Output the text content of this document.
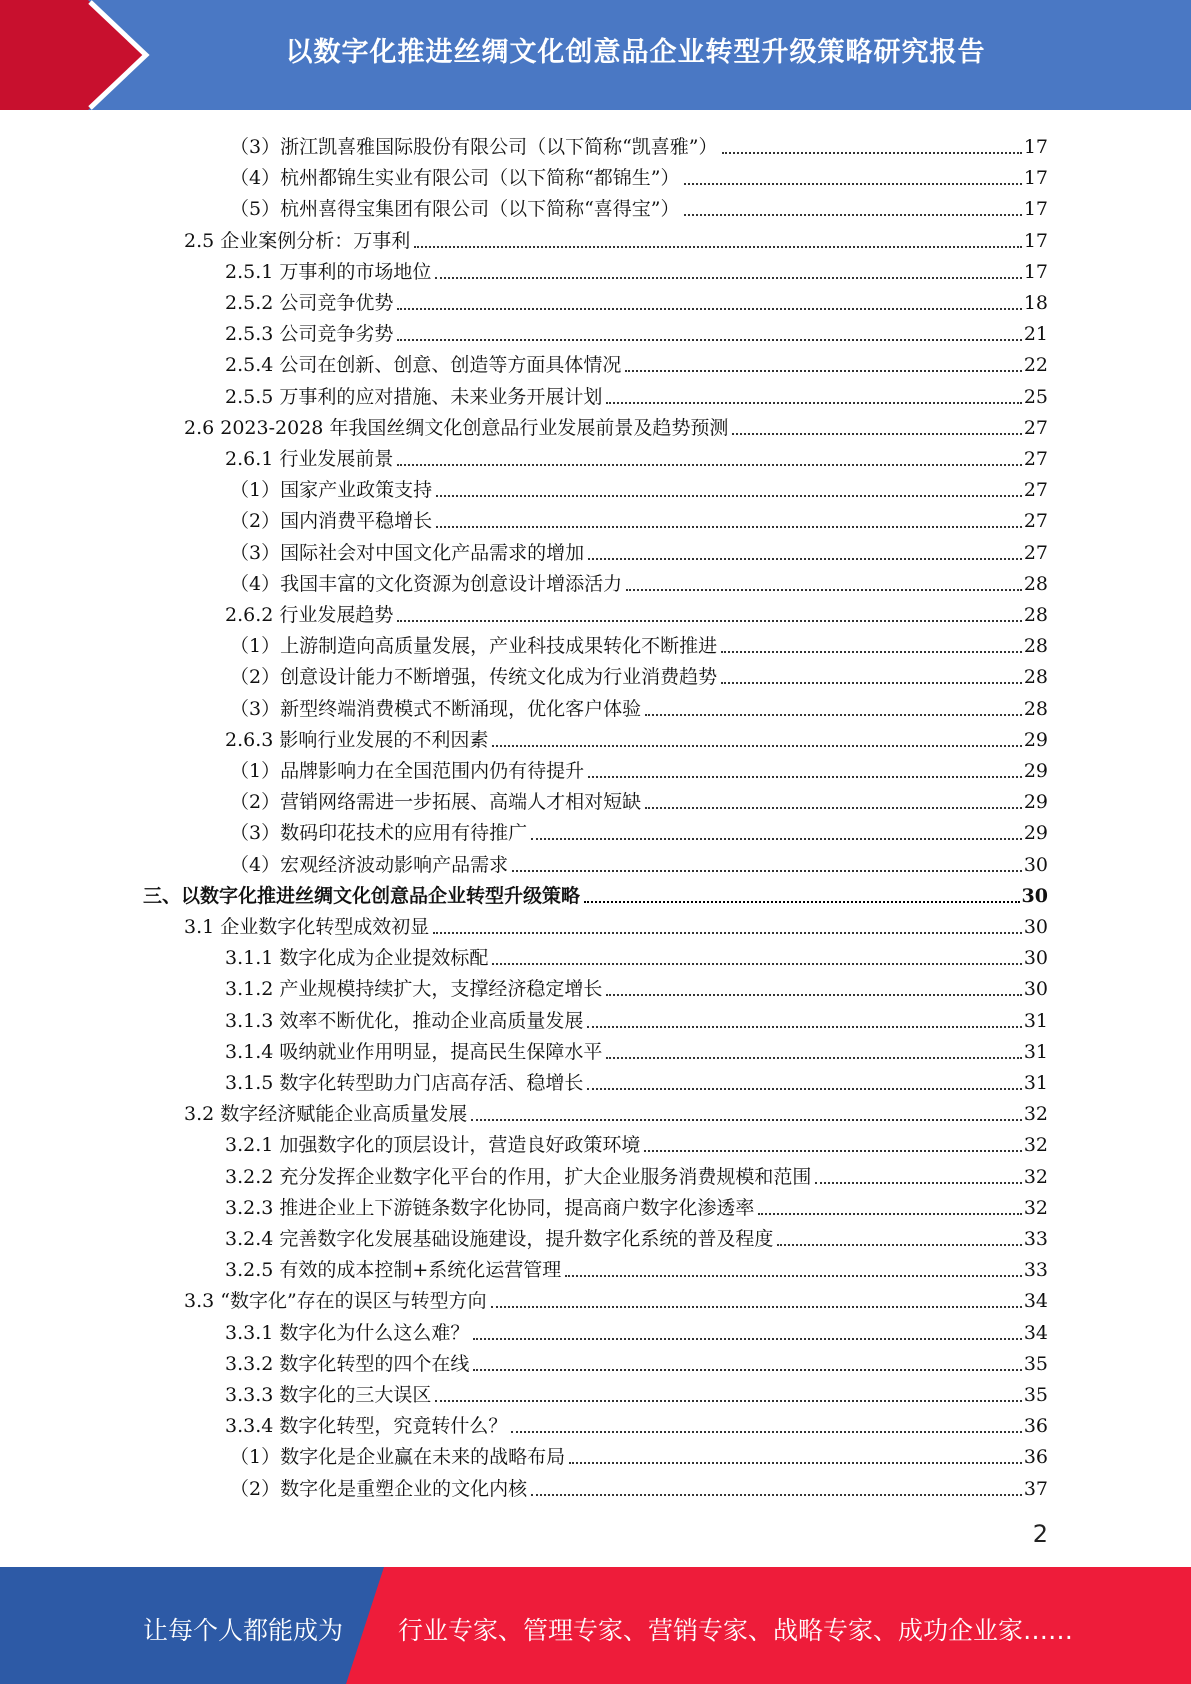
以数字化推进丝绸文化创意品企业转型升级策略研究报告
（3）浙江凯喜雅国际股份有限公司（以下简称“凯喜雅”）	17
（4）杭州都锦生实业有限公司（以下简称“都锦生”）	17
（5）杭州喜得宝集团有限公司（以下简称“喜得宝”）	17
2.5 企业案例分析：万事利	17
2.5.1 万事利的市场地位	17
2.5.2 公司竞争优势	18
2.5.3 公司竞争劣势	21
2.5.4 公司在创新、创意、创造等方面具体情况	22
2.5.5 万事利的应对措施、未来业务开展计划	25
2.6 2023-2028 年我国丝绸文化创意品行业发展前景及趋势预测	27
2.6.1 行业发展前景	27
（1）国家产业政策支持	27
（2）国内消费平稳增长	27
（3）国际社会对中国文化产品需求的增加	27
（4）我国丰富的文化资源为创意设计增添活力	28
2.6.2 行业发展趋势	28
（1）上游制造向高质量发展，产业科技成果转化不断推进	28
（2）创意设计能力不断增强，传统文化成为行业消费趋势	28
（3）新型终端消费模式不断涌现，优化客户体验	28
2.6.3 影响行业发展的不利因素	29
（1）品牌影响力在全国范围内仍有待提升	29
（2）营销网络需进一步拓展、高端人才相对短缺	29
（3）数码印花技术的应用有待推广	29
（4）宏观经济波动影响产品需求	30
三、以数字化推进丝绸文化创意品企业转型升级策略	30
3.1 企业数字化转型成效初显	30
3.1.1 数字化成为企业提效标配	30
3.1.2 产业规模持续扩大，支撑经济稳定增长	30
3.1.3 效率不断优化，推动企业高质量发展	31
3.1.4 吸纳就业作用明显，提高民生保障水平	31
3.1.5 数字化转型助力门店高存活、稳增长	31
3.2 数字经济赋能企业高质量发展	32
3.2.1 加强数字化的顶层设计，营造良好政策环境	32
3.2.2 充分发挥企业数字化平台的作用，扩大企业服务消费规模和范围	32
3.2.3 推进企业上下游链条数字化协同，提高商户数字化渗透率	32
3.2.4 完善数字化发展基础设施建设，提升数字化系统的普及程度	33
3.2.5 有效的成本控制+系统化运营管理	33
3.3 “数字化”存在的误区与转型方向	34
3.3.1 数字化为什么这么难？	34
3.3.2 数字化转型的四个在线	35
3.3.3 数字化的三大误区	35
3.3.4 数字化转型，究竟转什么？	36
（1）数字化是企业赢在未来的战略布局	36
（2）数字化是重塑企业的文化内核	37
2
让每个人都能成为 行业专家、管理专家、营销专家、战略专家、成功企业家……
